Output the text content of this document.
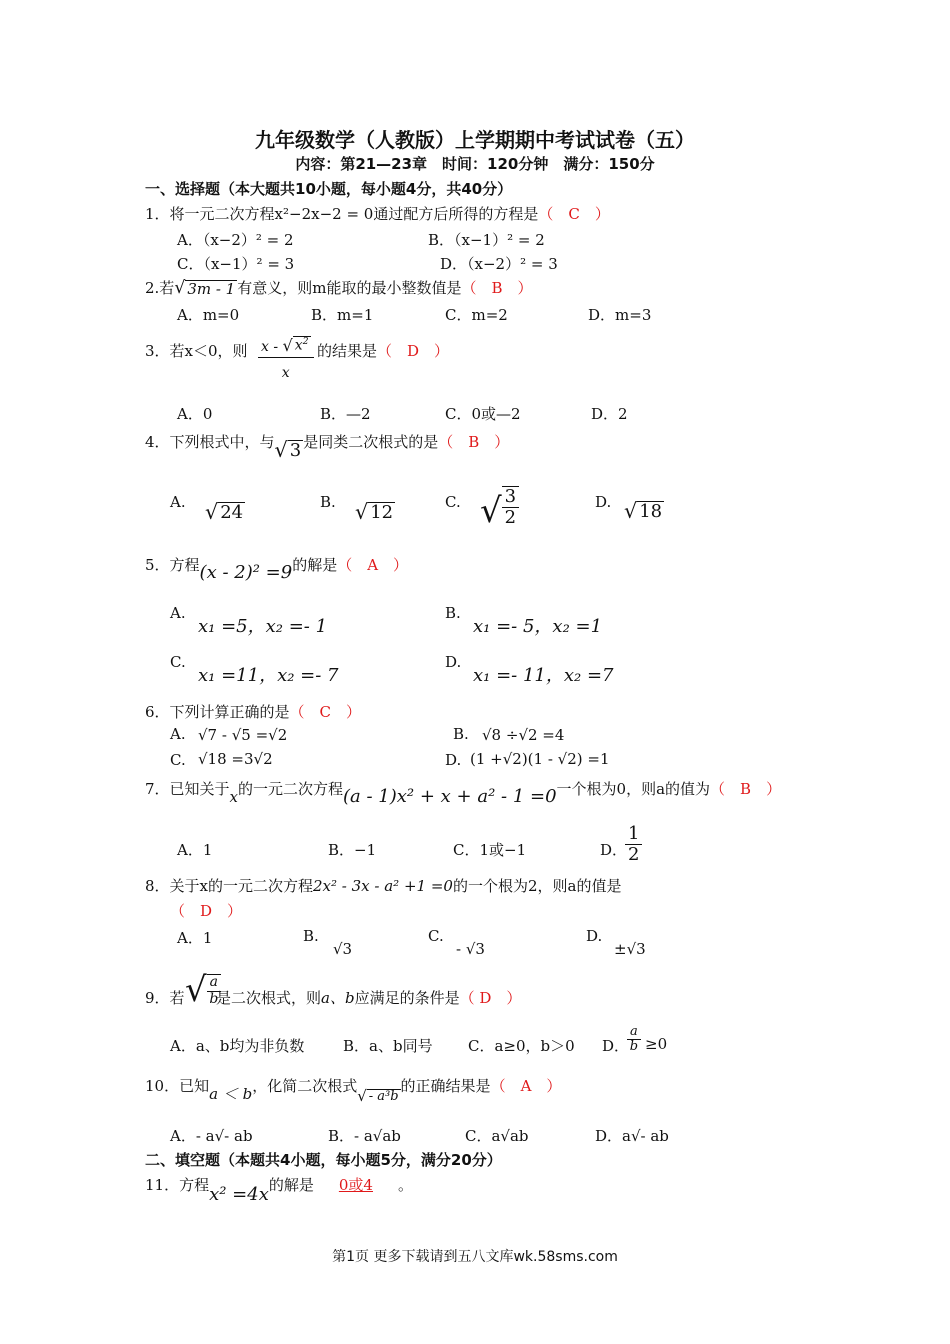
九年级数学（人教版）上学期期中考试试卷（五）
内容：第21—23章　时间：120分钟　满分：150分
一、选择题（本大题共10小题，每小题4分，共40分）
1．将一元二次方程x²−2x−2 = 0通过配方后所得的方程是（　C　）
A．（x−2）² = 2	B．（x−1）² = 2
C．（x−1）² = 3	D．（x−2）² = 3
2.若 √ 3m - 1 有意义，则m能取的最小整数值是（　B　）
A．m=0	B．m=1	C．m=2	D．m=3
3．若x＜0，则 $\frac{x - √ x^2}{x}$ 的结果是（　D　）
A．0	B．—2	C．0或—2	D．2
4．下列根式中，与 √ 3 是同类二次根式的是（　B　）
A. √ 24	B. √ 12	C. √ $\frac{3}{2}$	D. √ 18
5．方程(x - 2)² =9的解是（　A　）
A.
x₁ =5，x₂ =- 1
B.
x₁ =- 5，x₂ =1
C.
x₁ =11，x₂ =- 7
D.
x₁ =- 11，x₂ =7
6．下列计算正确的是（　C　）
A. √7 - √5 =√2	B. √8 ÷√2 =4
C. √18 =3√2	D. (1 +√2)(1 - √2) =1
7．已知关于x的一元二次方程(a - 1)x² + x + a² - 1 =0一个根为0，则a的值为（　B　）
A．1	B．−1	C．1或−1	D．
$\frac{1}{2}$
8．关于x的一元二次方程2x² - 3x - a² +1 =0的一个根为2，则a的值是
（　D　）
A．1	B.
√3
C.
- √3
D.
±√3
9．若 √ $\frac{a}{b}$
是二次根式，则a、b应满足的条件是（ D　）
A．a、b均为非负数	B．a、b同号 C．a≥0，b＞0 D．
$\frac{a}{b} \ge 0$
10．已知a ＜ b，化简二次根式
√ - a³b
的正确结果是（　A　）
A．- a√- ab	B．- a√ab	C．a√ab	D．a√- ab
二、填空题（本题共4小题，每小题5分，满分20分）
11．方程x² =4x的解是 0或4 。
第1页 更多下载请到五八文库wk.58sms.com
